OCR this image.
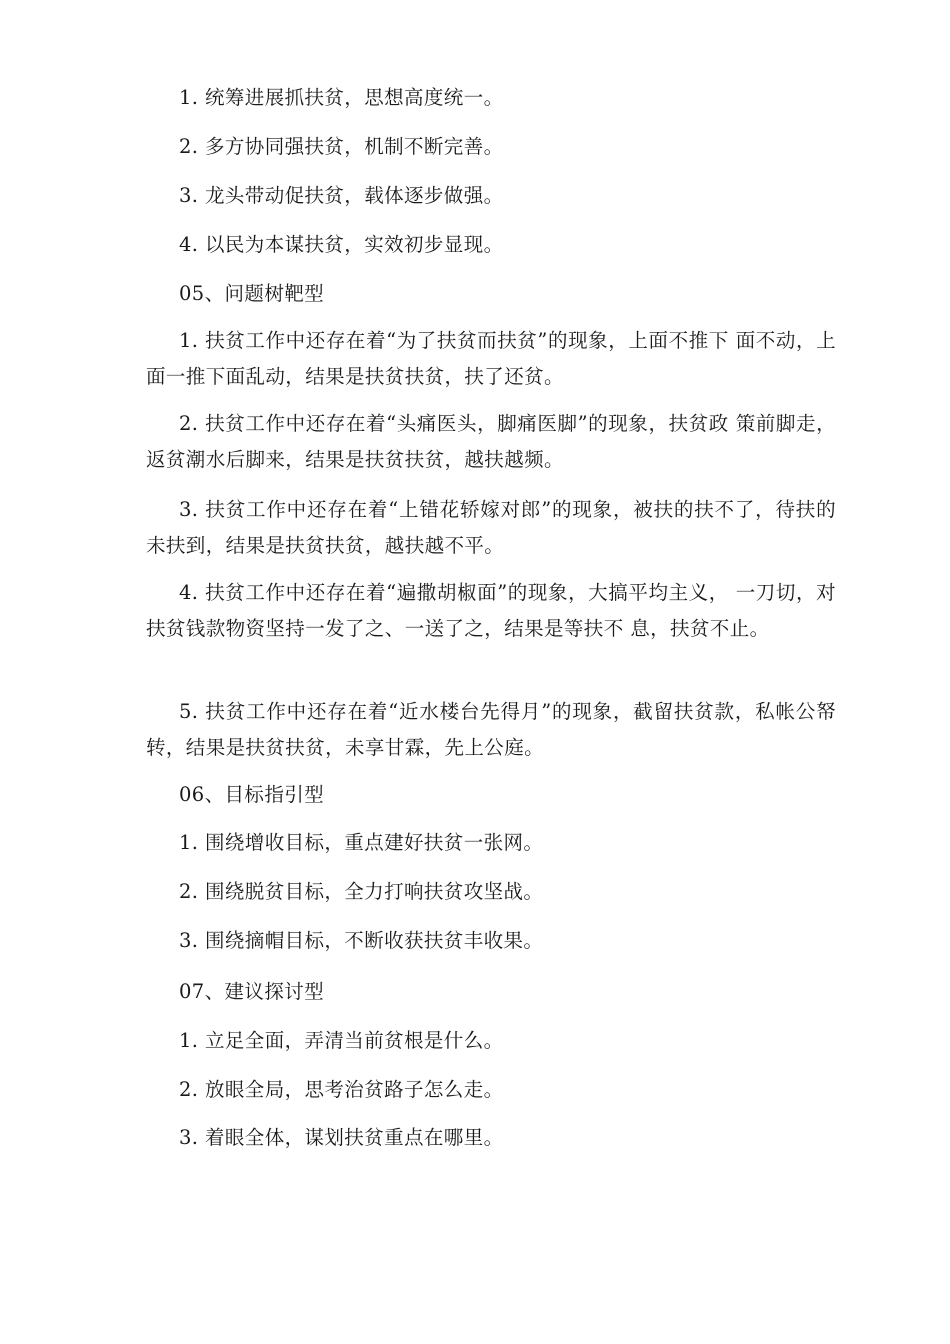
1. 统筹进展抓扶贫，思想高度统一。

2. 多方协同强扶贫，机制不断完善。

3. 龙头带动促扶贫，载体逐步做强。

4. 以民为本谋扶贫，实效初步显现。

05、问题树靶型

1. 扶贫工作中还存在着“为了扶贫而扶贫”的现象，上面不推下 面不动，上面一推下面乱动，结果是扶贫扶贫，扶了还贫。

2. 扶贫工作中还存在着“头痛医头，脚痛医脚”的现象，扶贫政 策前脚走，返贫潮水后脚来，结果是扶贫扶贫，越扶越频。

3. 扶贫工作中还存在着“上错花轿嫁对郎”的现象，被扶的扶不了，待扶的未扶到，结果是扶贫扶贫，越扶越不平。

4. 扶贫工作中还存在着“遍撒胡椒面”的现象，大搞平均主义， 一刀切，对扶贫钱款物资坚持一发了之、一送了之，结果是等扶不 息，扶贫不止。

5. 扶贫工作中还存在着“近水楼台先得月”的现象，截留扶贫款，私帐公帑转，结果是扶贫扶贫，未享甘霖，先上公庭。

06、目标指引型

1. 围绕增收目标，重点建好扶贫一张网。

2. 围绕脱贫目标，全力打响扶贫攻坚战。

3. 围绕摘帽目标，不断收获扶贫丰收果。

07、建议探讨型

1. 立足全面，弄清当前贫根是什么。

2. 放眼全局，思考治贫路子怎么走。

3. 着眼全体，谋划扶贫重点在哪里。
